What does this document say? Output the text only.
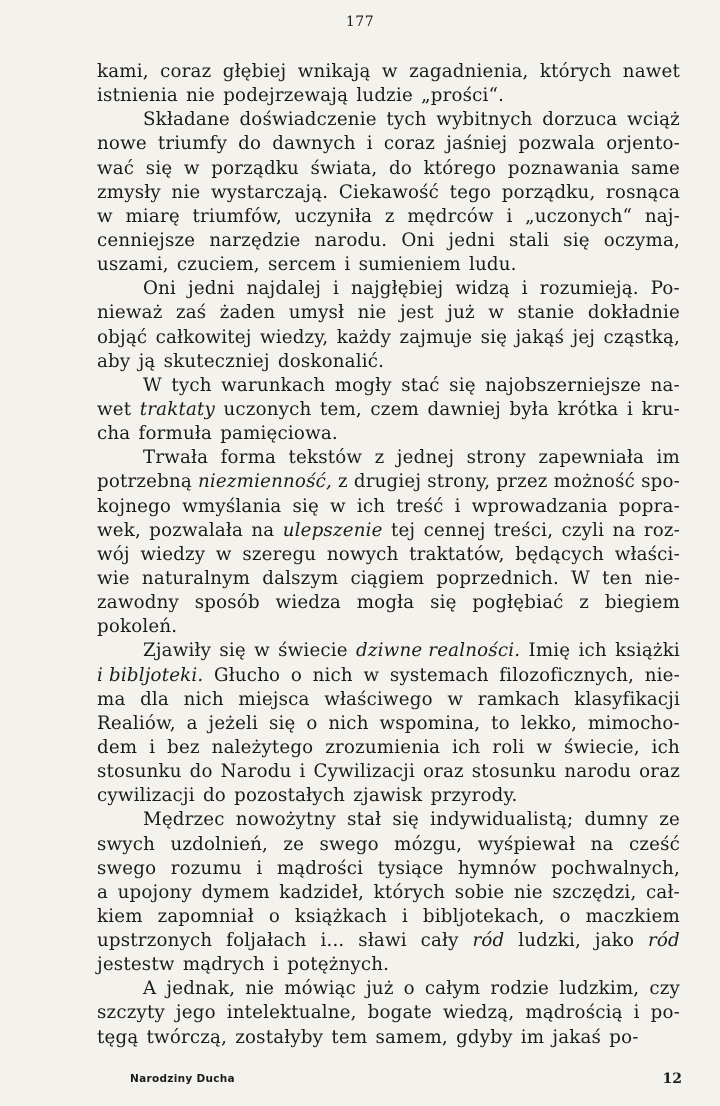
177
kami, coraz głębiej wnikają w zagadnienia, których nawet
istnienia nie podejrzewają ludzie „prości“.
Składane doświadczenie tych wybitnych dorzuca wciąż
nowe triumfy do dawnych i coraz jaśniej pozwala orjento-
wać się w porządku świata, do którego poznawania same
zmysły nie wystarczają. Ciekawość tego porządku, rosnąca
w miarę triumfów, uczyniła z mędrców i „uczonych“ naj-
cenniejsze narzędzie narodu. Oni jedni stali się oczyma,
uszami, czuciem, sercem i sumieniem ludu.
Oni jedni najdalej i najgłębiej widzą i rozumieją. Po-
nieważ zaś żaden umysł nie jest już w stanie dokładnie
objąć całkowitej wiedzy, każdy zajmuje się jakąś jej cząstką,
aby ją skuteczniej doskonalić.
W tych warunkach mogły stać się najobszerniejsze na-
wet traktaty uczonych tem, czem dawniej była krótka i kru-
cha formuła pamięciowa.
Trwała forma tekstów z jednej strony zapewniała im
potrzebną niezmienność, z drugiej strony, przez możność spo-
kojnego wmyślania się w ich treść i wprowadzania popra-
wek, pozwalała na ulepszenie tej cennej treści, czyli na roz-
wój wiedzy w szeregu nowych traktatów, będących właści-
wie naturalnym dalszym ciągiem poprzednich. W ten nie-
zawodny sposób wiedza mogła się pogłębiać z biegiem
pokoleń.
Zjawiły się w świecie dziwne realności. Imię ich książki
i bibljoteki. Głucho o nich w systemach filozoficznych, nie-
ma dla nich miejsca właściwego w ramkach klasyfikacji
Realiów, a jeżeli się o nich wspomina, to lekko, mimocho-
dem i bez należytego zrozumienia ich roli w świecie, ich
stosunku do Narodu i Cywilizacji oraz stosunku narodu oraz
cywilizacji do pozostałych zjawisk przyrody.
Mędrzec nowożytny stał się indywidualistą; dumny ze
swych uzdolnień, ze swego mózgu, wyśpiewał na cześć
swego rozumu i mądrości tysiące hymnów pochwalnych,
a upojony dymem kadzideł, których sobie nie szczędzi, cał-
kiem zapomniał o książkach i bibljotekach, o maczkiem
upstrzonych foljałach i... sławi cały ród ludzki, jako ród
jestestw mądrych i potężnych.
A jednak, nie mówiąc już o całym rodzie ludzkim, czy
szczyty jego intelektualne, bogate wiedzą, mądrością i po-
tęgą twórczą, zostałyby tem samem, gdyby im jakaś po-
Narodziny Ducha	12
